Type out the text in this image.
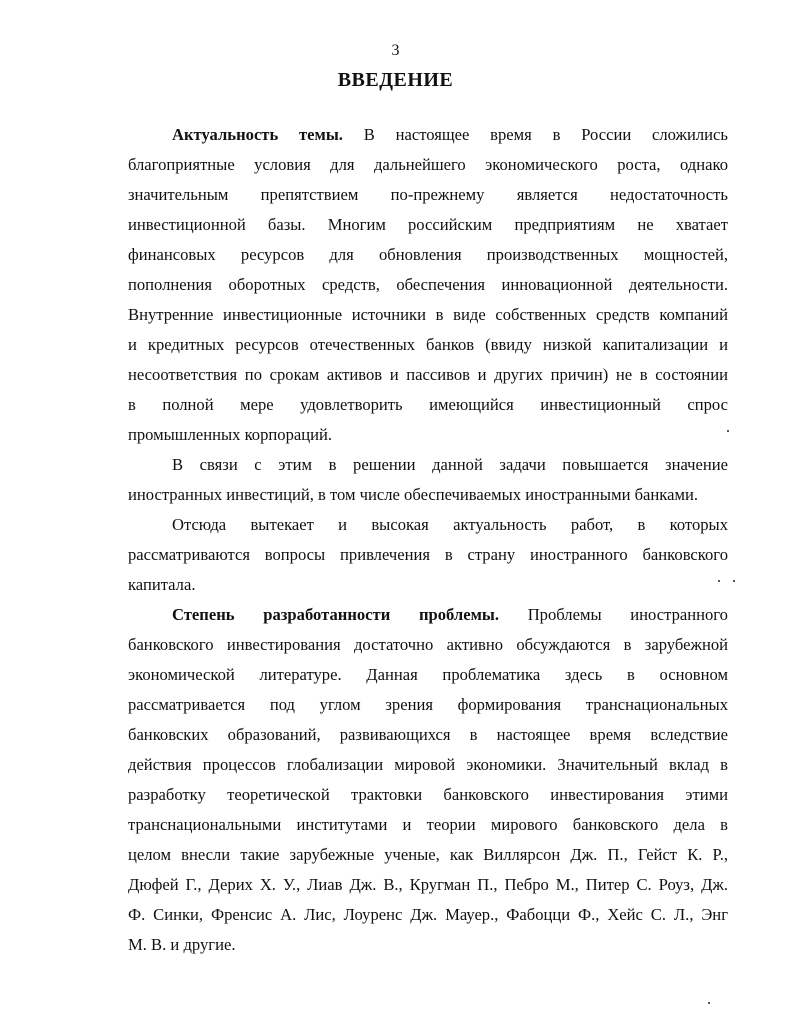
3
ВВЕДЕНИЕ
Актуальность темы. В настоящее время в России сложились
благоприятные условия для дальнейшего экономического роста, однако
значительным препятствием по-прежнему является недостаточность
инвестиционной базы. Многим российским предприятиям не хватает
финансовых ресурсов для обновления производственных мощностей,
пополнения оборотных средств, обеспечения инновационной деятельности.
Внутренние инвестиционные источники в виде собственных средств компаний
и кредитных ресурсов отечественных банков (ввиду низкой капитализации и
несоответствия по срокам активов и пассивов и других причин) не в состоянии
в полной мере удовлетворить имеющийся инвестиционный спрос
промышленных корпораций.
В связи с этим в решении данной задачи повышается значение
иностранных инвестиций, в том числе обеспечиваемых иностранными банками.
Отсюда вытекает и высокая актуальность работ, в которых
рассматриваются вопросы привлечения в страну иностранного банковского
капитала.
Степень разработанности проблемы. Проблемы иностранного
банковского инвестирования достаточно активно обсуждаются в зарубежной
экономической литературе. Данная проблематика здесь в основном
рассматривается под углом зрения формирования транснациональных
банковских образований, развивающихся в настоящее время вследствие
действия процессов глобализации мировой экономики. Значительный вклад в
разработку теоретической трактовки банковского инвестирования этими
транснациональными институтами и теории мирового банковского дела в
целом внесли такие зарубежные ученые, как Виллярсон Дж. П., Гейст К. Р.,
Дюфей Г., Дерих Х. У., Лиав Дж. В., Кругман П., Пебро М., Питер С. Роуз, Дж.
Ф. Синки, Френсис А. Лис, Лоуренс Дж. Мауер., Фабоцци Ф., Хейс С. Л., Энг
М. В. и другие.
